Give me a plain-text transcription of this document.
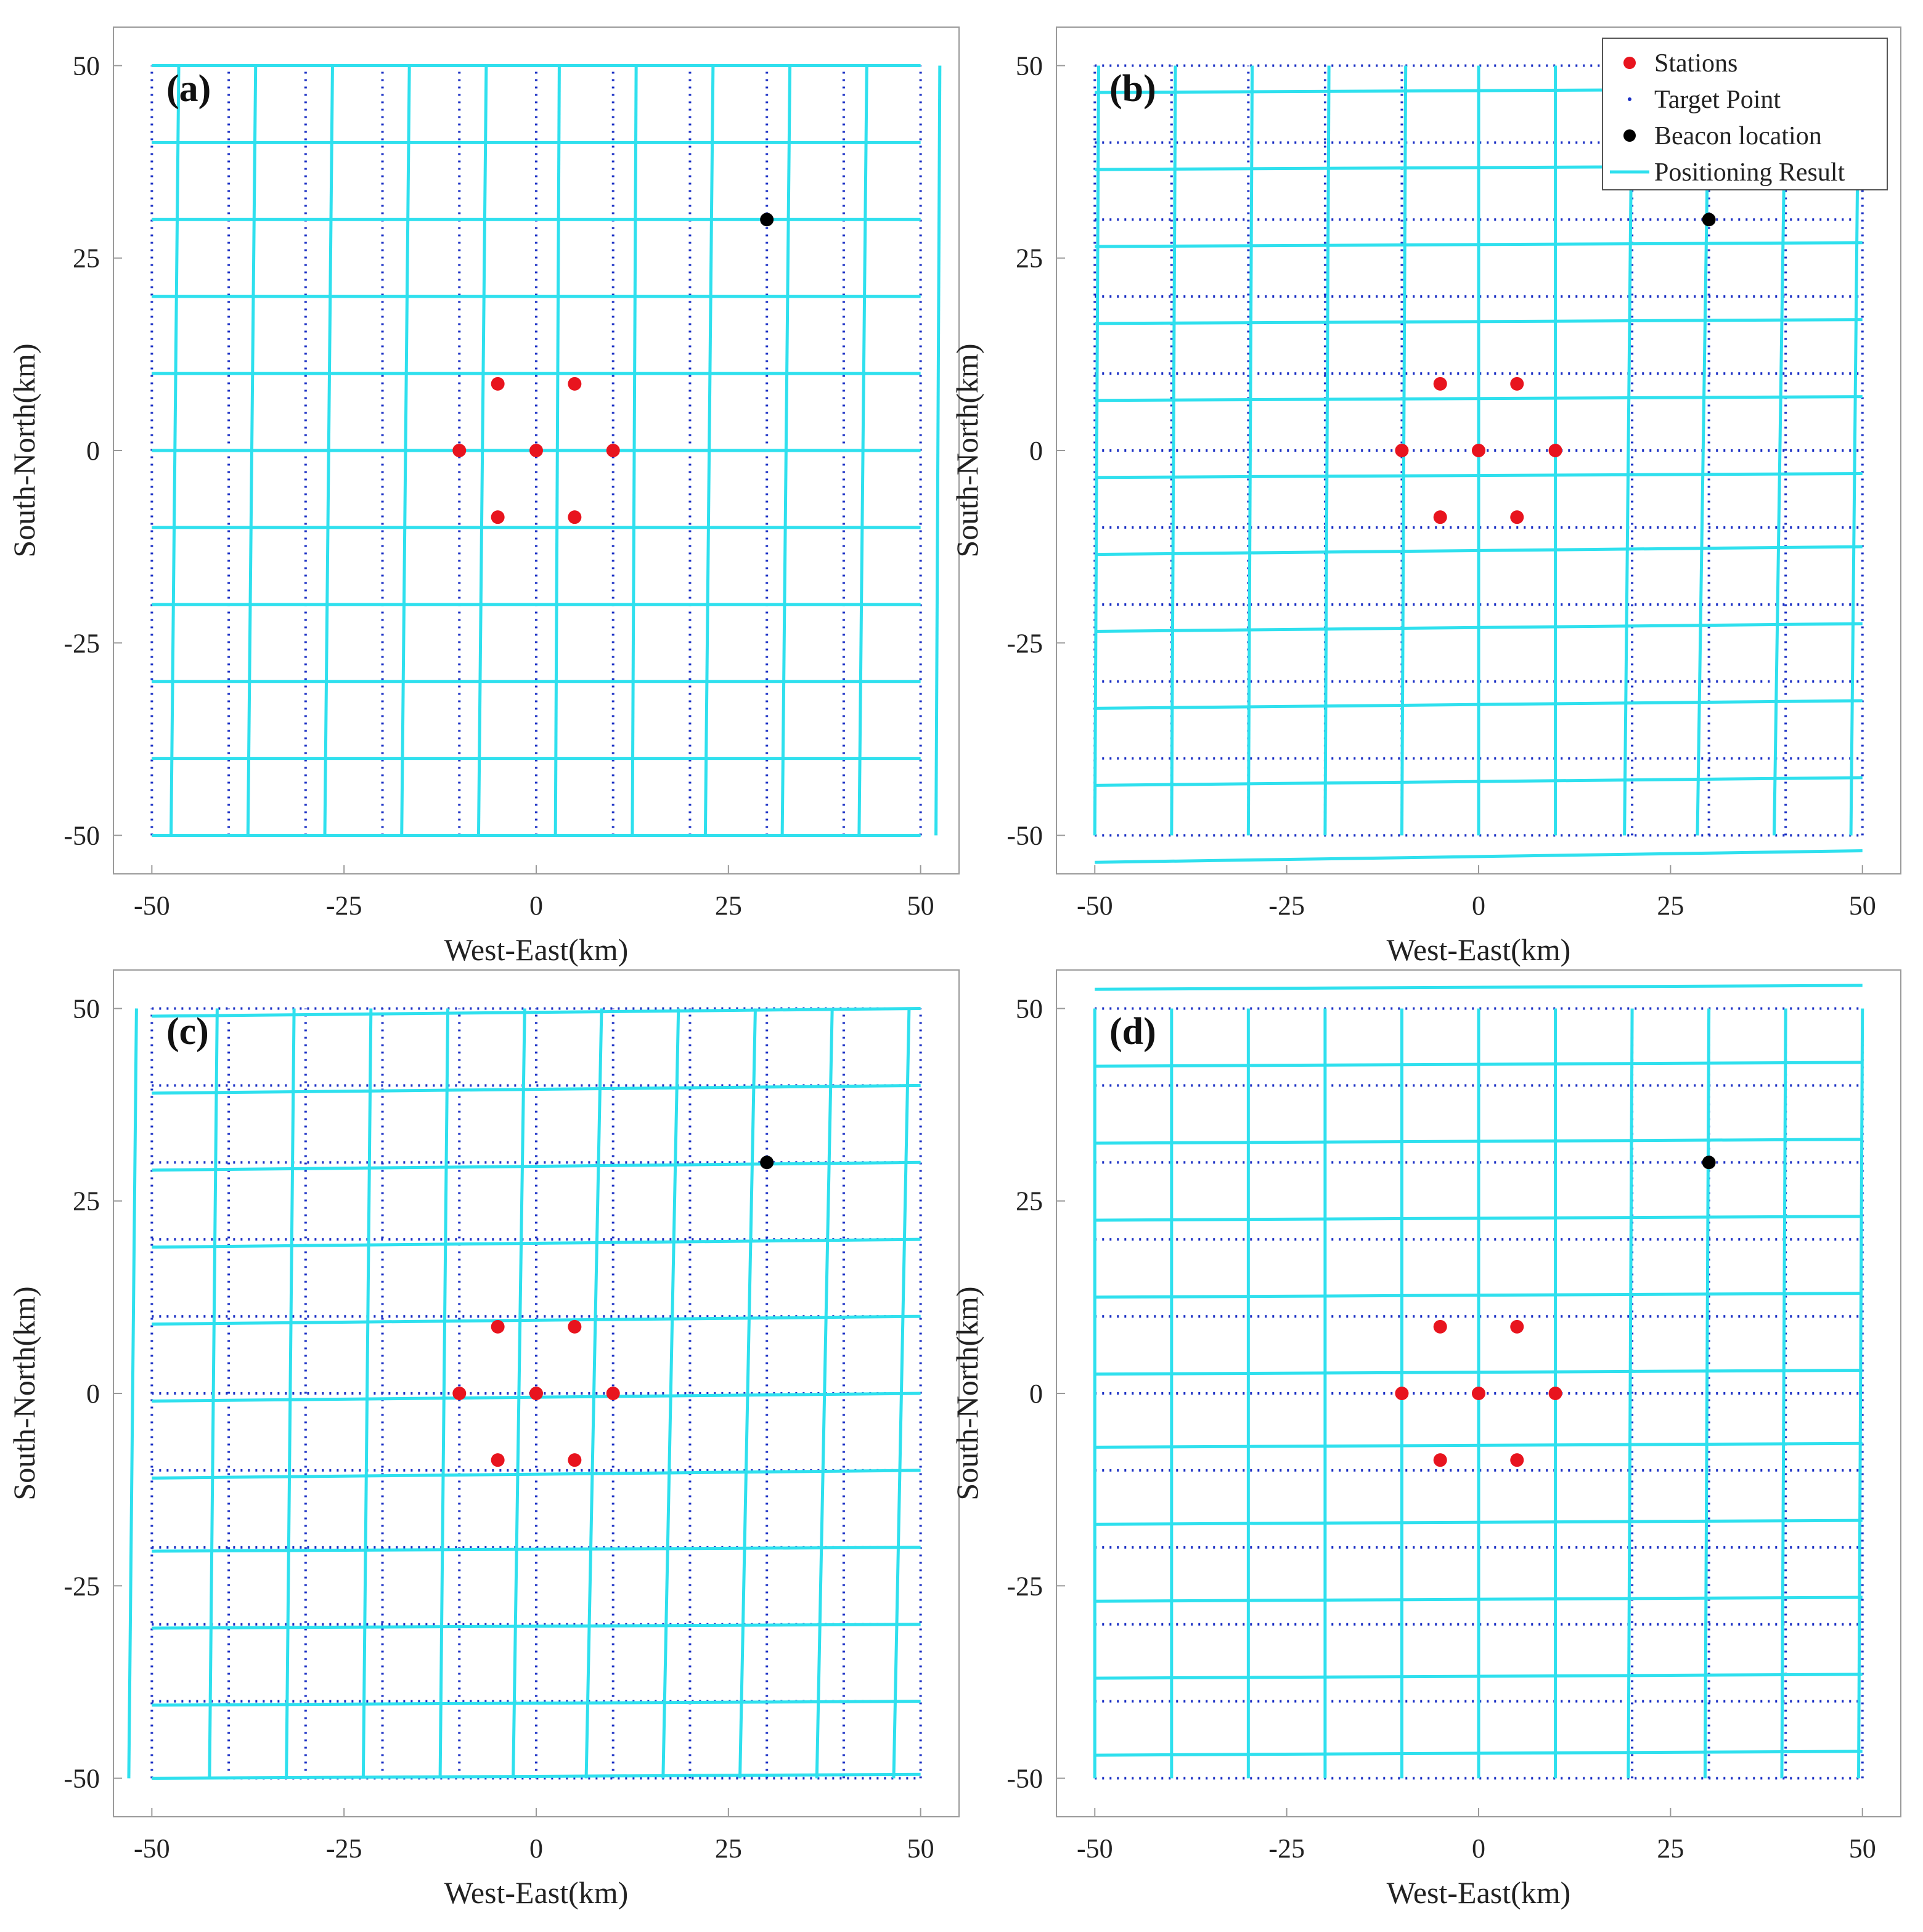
-50	-25	0	25	50
-50
-25
0
25
50
West-East(km)
South-North(km)
(a)
-50	-25	0	25	50
-50
-25
0
25
50
West-East(km)
South-North(km)
(b)
Stations
Target Point
Beacon location
Positioning Result
-50	-25	0	25	50
-50
-25
0
25
50
West-East(km)
South-North(km)
(c)
-50	-25	0	25	50
-50
-25
0
25
50
West-East(km)
South-North(km)
(d)
